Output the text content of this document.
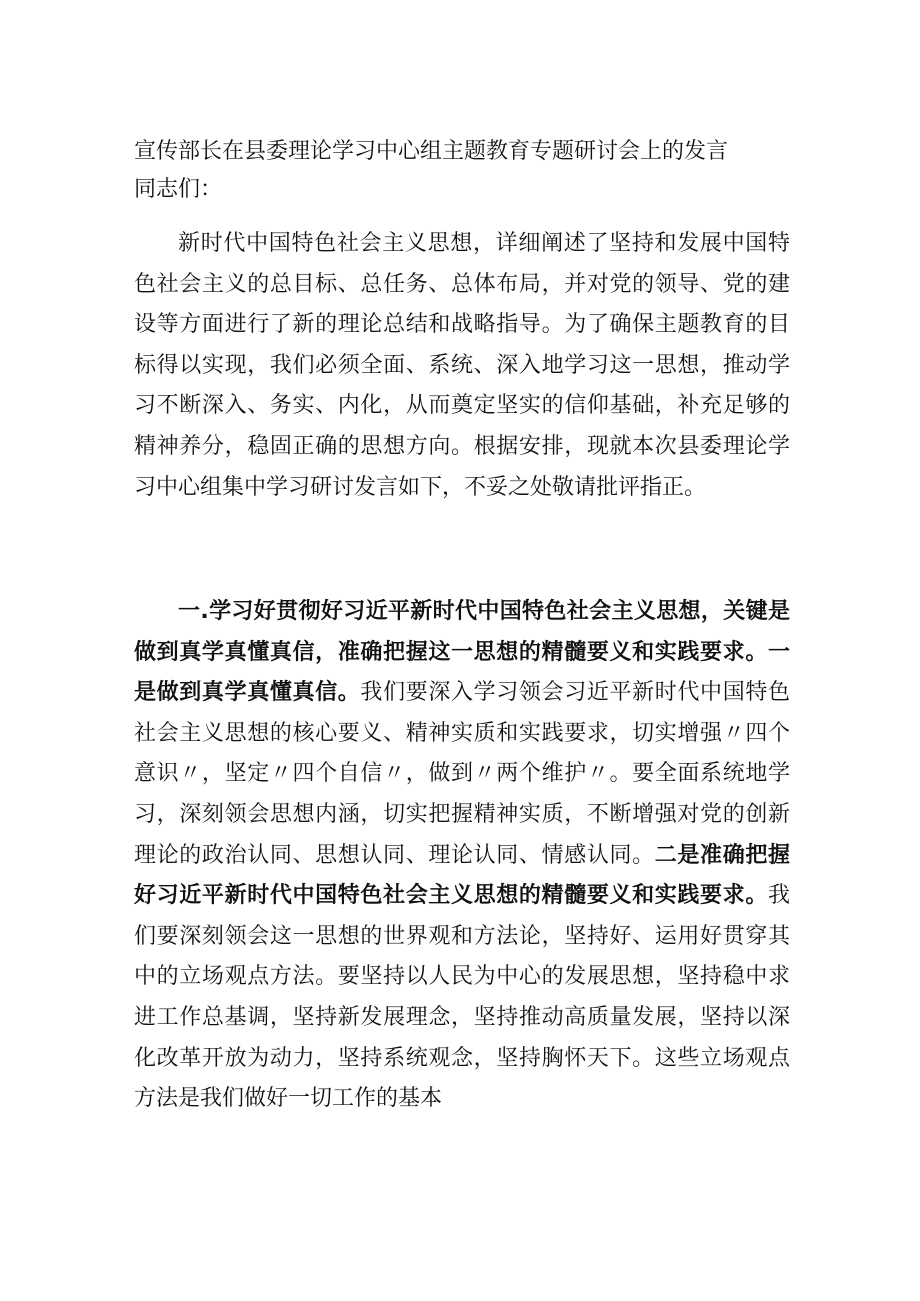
宣传部长在县委理论学习中心组主题教育专题研讨会上的发言

同志们：

新时代中国特色社会主义思想，详细阐述了坚持和发展中国特色社会主义的总目标、总任务、总体布局，并对党的领导、党的建设等方面进行了新的理论总结和战略指导。为了确保主题教育的目标得以实现，我们必须全面、系统、深入地学习这一思想，推动学习不断深入、务实、内化，从而奠定坚实的信仰基础，补充足够的精神养分，稳固正确的思想方向。根据安排，现就本次县委理论学习中心组集中学习研讨发言如下，不妥之处敬请批评指正。

一.学习好贯彻好习近平新时代中国特色社会主义思想，关键是做到真学真懂真信，准确把握这一思想的精髓要义和实践要求。一是做到真学真懂真信。我们要深入学习领会习近平新时代中国特色社会主义思想的核心要义、精神实质和实践要求，切实增强〃四个意识〃，坚定〃四个自信〃，做到〃两个维护〃。要全面系统地学习，深刻领会思想内涵，切实把握精神实质，不断增强对党的创新理论的政治认同、思想认同、理论认同、情感认同。二是准确把握好习近平新时代中国特色社会主义思想的精髓要义和实践要求。我们要深刻领会这一思想的世界观和方法论，坚持好、运用好贯穿其中的立场观点方法。要坚持以人民为中心的发展思想，坚持稳中求进工作总基调，坚持新发展理念，坚持推动高质量发展，坚持以深化改革开放为动力，坚持系统观念，坚持胸怀天下。这些立场观点方法是我们做好一切工作的基本
